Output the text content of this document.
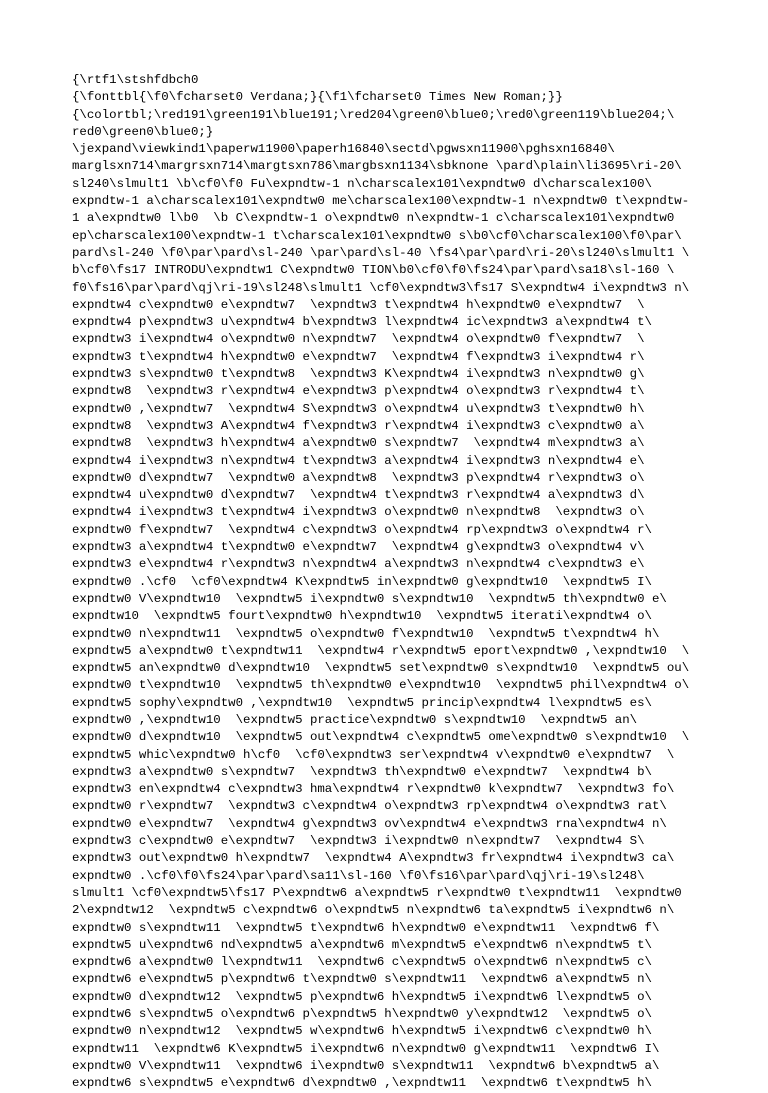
{\rtf1\stshfdbch0
{\fonttbl{\f0\fcharset0 Verdana;}{\f1\fcharset0 Times New Roman;}}
{\colortbl;\red191\green191\blue191;\red204\green0\blue0;\red0\green119\blue204;\
red0\green0\blue0;}
\jexpand\viewkind1\paperw11900\paperh16840\sectd\pgwsxn11900\pghsxn16840\
marglsxn714\margrsxn714\margtsxn786\margbsxn1134\sbknone \pard\plain\li3695\ri-20\
sl240\slmult1 \b\cf0\f0 Fu\expndtw-1 n\charscalex101\expndtw0 d\charscalex100\
expndtw-1 a\charscalex101\expndtw0 me\charscalex100\expndtw-1 n\expndtw0 t\expndtw-
1 a\expndtw0 l\b0  \b C\expndtw-1 o\expndtw0 n\expndtw-1 c\charscalex101\expndtw0
ep\charscalex100\expndtw-1 t\charscalex101\expndtw0 s\b0\cf0\charscalex100\f0\par\
pard\sl-240 \f0\par\pard\sl-240 \par\pard\sl-40 \fs4\par\pard\ri-20\sl240\slmult1 \
b\cf0\fs17 INTRODU\expndtw1 C\expndtw0 TION\b0\cf0\f0\fs24\par\pard\sa18\sl-160 \
f0\fs16\par\pard\qj\ri-19\sl248\slmult1 \cf0\expndtw3\fs17 S\expndtw4 i\expndtw3 n\
expndtw4 c\expndtw0 e\expndtw7  \expndtw3 t\expndtw4 h\expndtw0 e\expndtw7  \
expndtw4 p\expndtw3 u\expndtw4 b\expndtw3 l\expndtw4 ic\expndtw3 a\expndtw4 t\
expndtw3 i\expndtw4 o\expndtw0 n\expndtw7  \expndtw4 o\expndtw0 f\expndtw7  \
expndtw3 t\expndtw4 h\expndtw0 e\expndtw7  \expndtw4 f\expndtw3 i\expndtw4 r\
expndtw3 s\expndtw0 t\expndtw8  \expndtw3 K\expndtw4 i\expndtw3 n\expndtw0 g\
expndtw8  \expndtw3 r\expndtw4 e\expndtw3 p\expndtw4 o\expndtw3 r\expndtw4 t\
expndtw0 ,\expndtw7  \expndtw4 S\expndtw3 o\expndtw4 u\expndtw3 t\expndtw0 h\
expndtw8  \expndtw3 A\expndtw4 f\expndtw3 r\expndtw4 i\expndtw3 c\expndtw0 a\
expndtw8  \expndtw3 h\expndtw4 a\expndtw0 s\expndtw7  \expndtw4 m\expndtw3 a\
expndtw4 i\expndtw3 n\expndtw4 t\expndtw3 a\expndtw4 i\expndtw3 n\expndtw4 e\
expndtw0 d\expndtw7  \expndtw0 a\expndtw8  \expndtw3 p\expndtw4 r\expndtw3 o\
expndtw4 u\expndtw0 d\expndtw7  \expndtw4 t\expndtw3 r\expndtw4 a\expndtw3 d\
expndtw4 i\expndtw3 t\expndtw4 i\expndtw3 o\expndtw0 n\expndtw8  \expndtw3 o\
expndtw0 f\expndtw7  \expndtw4 c\expndtw3 o\expndtw4 rp\expndtw3 o\expndtw4 r\
expndtw3 a\expndtw4 t\expndtw0 e\expndtw7  \expndtw4 g\expndtw3 o\expndtw4 v\
expndtw3 e\expndtw4 r\expndtw3 n\expndtw4 a\expndtw3 n\expndtw4 c\expndtw3 e\
expndtw0 .\cf0  \cf0\expndtw4 K\expndtw5 in\expndtw0 g\expndtw10  \expndtw5 I\
expndtw0 V\expndtw10  \expndtw5 i\expndtw0 s\expndtw10  \expndtw5 th\expndtw0 e\
expndtw10  \expndtw5 fourt\expndtw0 h\expndtw10  \expndtw5 iterati\expndtw4 o\
expndtw0 n\expndtw11  \expndtw5 o\expndtw0 f\expndtw10  \expndtw5 t\expndtw4 h\
expndtw5 a\expndtw0 t\expndtw11  \expndtw4 r\expndtw5 eport\expndtw0 ,\expndtw10  \
expndtw5 an\expndtw0 d\expndtw10  \expndtw5 set\expndtw0 s\expndtw10  \expndtw5 ou\
expndtw0 t\expndtw10  \expndtw5 th\expndtw0 e\expndtw10  \expndtw5 phil\expndtw4 o\
expndtw5 sophy\expndtw0 ,\expndtw10  \expndtw5 princip\expndtw4 l\expndtw5 es\
expndtw0 ,\expndtw10  \expndtw5 practice\expndtw0 s\expndtw10  \expndtw5 an\
expndtw0 d\expndtw10  \expndtw5 out\expndtw4 c\expndtw5 ome\expndtw0 s\expndtw10  \
expndtw5 whic\expndtw0 h\cf0  \cf0\expndtw3 ser\expndtw4 v\expndtw0 e\expndtw7  \
expndtw3 a\expndtw0 s\expndtw7  \expndtw3 th\expndtw0 e\expndtw7  \expndtw4 b\
expndtw3 en\expndtw4 c\expndtw3 hma\expndtw4 r\expndtw0 k\expndtw7  \expndtw3 fo\
expndtw0 r\expndtw7  \expndtw3 c\expndtw4 o\expndtw3 rp\expndtw4 o\expndtw3 rat\
expndtw0 e\expndtw7  \expndtw4 g\expndtw3 ov\expndtw4 e\expndtw3 rna\expndtw4 n\
expndtw3 c\expndtw0 e\expndtw7  \expndtw3 i\expndtw0 n\expndtw7  \expndtw4 S\
expndtw3 out\expndtw0 h\expndtw7  \expndtw4 A\expndtw3 fr\expndtw4 i\expndtw3 ca\
expndtw0 .\cf0\f0\fs24\par\pard\sa11\sl-160 \f0\fs16\par\pard\qj\ri-19\sl248\
slmult1 \cf0\expndtw5\fs17 P\expndtw6 a\expndtw5 r\expndtw0 t\expndtw11  \expndtw0
2\expndtw12  \expndtw5 c\expndtw6 o\expndtw5 n\expndtw6 ta\expndtw5 i\expndtw6 n\
expndtw0 s\expndtw11  \expndtw5 t\expndtw6 h\expndtw0 e\expndtw11  \expndtw6 f\
expndtw5 u\expndtw6 nd\expndtw5 a\expndtw6 m\expndtw5 e\expndtw6 n\expndtw5 t\
expndtw6 a\expndtw0 l\expndtw11  \expndtw6 c\expndtw5 o\expndtw6 n\expndtw5 c\
expndtw6 e\expndtw5 p\expndtw6 t\expndtw0 s\expndtw11  \expndtw6 a\expndtw5 n\
expndtw0 d\expndtw12  \expndtw5 p\expndtw6 h\expndtw5 i\expndtw6 l\expndtw5 o\
expndtw6 s\expndtw5 o\expndtw6 p\expndtw5 h\expndtw0 y\expndtw12  \expndtw5 o\
expndtw0 n\expndtw12  \expndtw5 w\expndtw6 h\expndtw5 i\expndtw6 c\expndtw0 h\
expndtw11  \expndtw6 K\expndtw5 i\expndtw6 n\expndtw0 g\expndtw11  \expndtw6 I\
expndtw0 V\expndtw11  \expndtw6 i\expndtw0 s\expndtw11  \expndtw6 b\expndtw5 a\
expndtw6 s\expndtw5 e\expndtw6 d\expndtw0 ,\expndtw11  \expndtw6 t\expndtw5 h\
